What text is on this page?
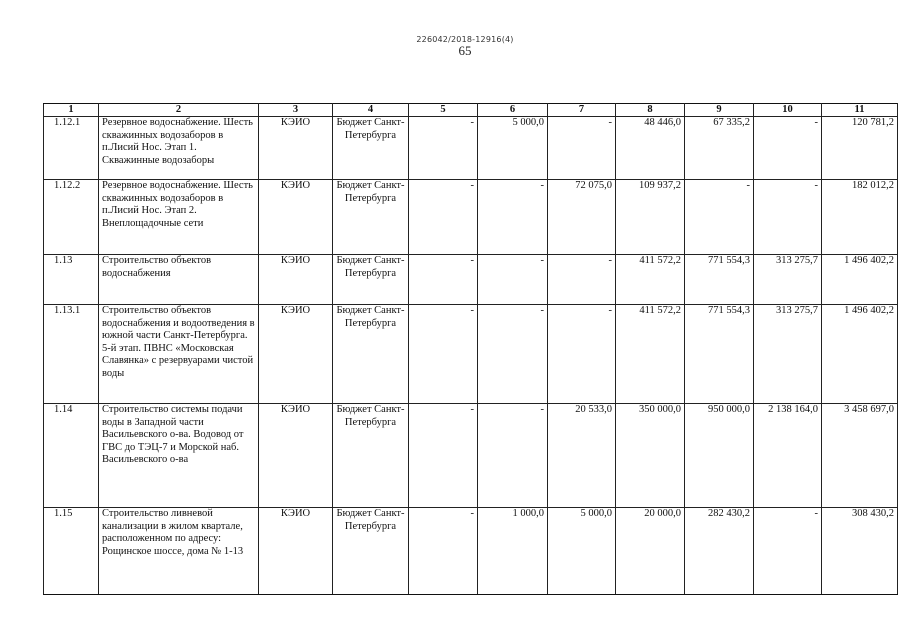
226042/2018-12916(4)
65
1	2	3	4	5	6	7	8	9	10	11
1.12.1	Резервное водоснабжение. Шесть скважинных водозаборов в п.Лисий Нос. Этап 1. Скважинные водозаборы	КЭИО	Бюджет Санкт-Петербурга	-	5 000,0	-	48 446,0	67 335,2	-	120 781,2
1.12.2	Резервное водоснабжение. Шесть скважинных водозаборов в п.Лисий Нос. Этап 2. Внеплощадочные сети	КЭИО	Бюджет Санкт-Петербурга	-	-	72 075,0	109 937,2	-	-	182 012,2
1.13	Строительство объектов водоснабжения	КЭИО	Бюджет Санкт-Петербурга	-	-	-	411 572,2	771 554,3	313 275,7	1 496 402,2
1.13.1	Строительство объектов водоснабжения и водоотведения в южной части Санкт-Петербурга. 5-й этап. ПВНС «Московская Славянка» с резервуарами чистой воды	КЭИО	Бюджет Санкт-Петербурга	-	-	-	411 572,2	771 554,3	313 275,7	1 496 402,2
1.14	Строительство системы подачи воды в Западной части Васильевского о-ва. Водовод от ГВС до ТЭЦ-7 и Морской наб. Васильевского о-ва	КЭИО	Бюджет Санкт-Петербурга	-	-	20 533,0	350 000,0	950 000,0	2 138 164,0	3 458 697,0
1.15	Строительство ливневой канализации в жилом квартале, расположенном по адресу: Рощинское шоссе, дома № 1-13	КЭИО	Бюджет Санкт-Петербурга	-	1 000,0	5 000,0	20 000,0	282 430,2	-	308 430,2
